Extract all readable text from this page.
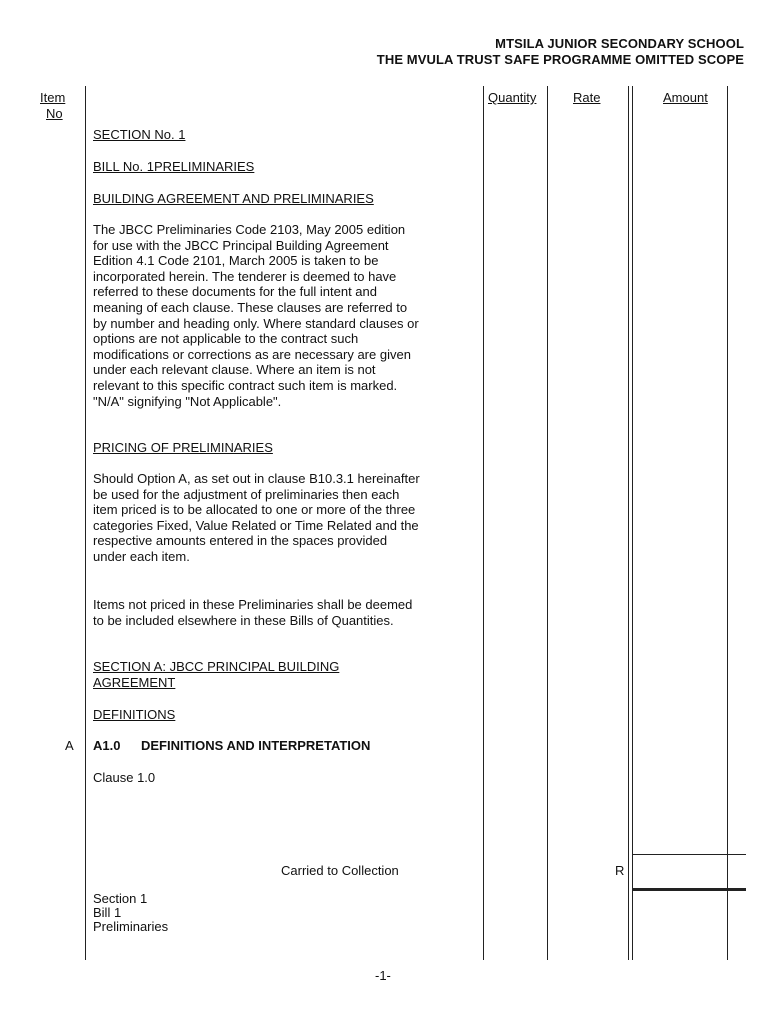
MTSILA JUNIOR SECONDARY SCHOOL
THE MVULA TRUST SAFE PROGRAMME OMITTED SCOPE
Item
No
Quantity	Rate	Amount
SECTION No. 1
BILL No. 1PRELIMINARIES
BUILDING AGREEMENT AND PRELIMINARIES
The JBCC Preliminaries Code 2103, May 2005 edition for use with the JBCC Principal Building Agreement Edition 4.1 Code 2101, March 2005 is taken to be incorporated herein. The tenderer is deemed to have referred to these documents for the full intent and meaning of each clause. These clauses are referred to by number and heading only. Where standard clauses or options are not applicable to the contract such modifications or corrections as are necessary are given under each relevant clause. Where an item is not relevant to this specific contract such item is marked. "N/A" signifying "Not Applicable".
PRICING OF PRELIMINARIES
Should Option A, as set out in clause B10.3.1 hereinafter be used for the adjustment of preliminaries then each item priced is to be allocated to one or more of the three categories Fixed, Value Related or Time Related and the respective amounts entered in the spaces provided under each item.
Items not priced in these Preliminaries shall be deemed to be included elsewhere in these Bills of Quantities.
SECTION A: JBCC PRINCIPAL BUILDING
AGREEMENT
DEFINITIONS
A A1.0	DEFINITIONS AND INTERPRETATION
Clause 1.0
Carried to Collection	R
Section 1
Bill 1
Preliminaries
-1-
